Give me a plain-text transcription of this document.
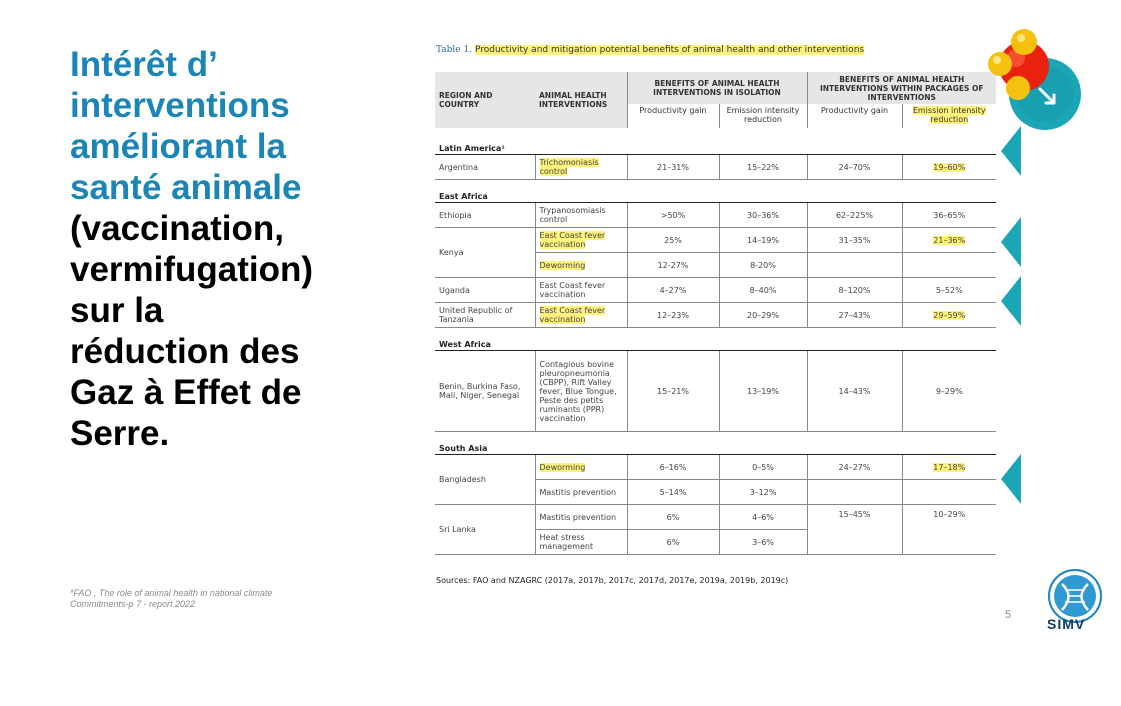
Intérêt d’
interventions
améliorant la
santé animale
(vaccination,
vermifugation)
sur la
réduction des
Gaz à Effet de
Serre.
*FAO , The role of animal health in national climate
Commitments-p 7 - report 2022
Table 1. Productivity and mitigation potential benefits of animal health and other interventions
REGION AND COUNTRY	ANIMAL HEALTH INTERVENTIONS	BENEFITS OF ANIMAL HEALTH INTERVENTIONS IN ISOLATION		BENEFITS OF ANIMAL HEALTH INTERVENTIONS WITHIN PACKAGES OF INTERVENTIONS	
		Productivity gain	Emission intensity reduction	Productivity gain	Emission intensity reduction
Latin America¹					
Argentina	Trichomoniasis control	21–31%	15–22%	24–70%	19–60%
East Africa					
Ethiopia	Trypanosomiasis control	>50%	30–36%	62–225%	36–65%
Kenya	East Coast fever vaccination	25%	14–19%	31–35%	21–36%
	Deworming	12-27%	8-20%		
Uganda	East Coast fever vaccination	4–27%	8–40%	8–120%	5–52%
United Republic of Tanzania	East Coast fever vaccination	12–23%	20–29%	27–43%	29–59%
West Africa					
Benin, Burkina Faso, Mali, Niger, Senegal	Contagious bovine pleuropneumonia (CBPP), Rift Valley fever, Blue Tongue, Peste des petits ruminants (PPR) vaccination	15–21%	13–19%	14–43%	9–29%
South Asia					
Bangladesh	Deworming	6–16%	0–5%	24–27%	17–18%
	Mastitis prevention	5–14%	3–12%		
Sri Lanka	Mastitis prevention	6%	4–6%	15–45%	10–29%
	Heat stress management	6%	3–6%		
Sources: FAO and NZAGRC (2017a, 2017b, 2017c, 2017d, 2017e, 2019a, 2019b, 2019c)
5
SIMV
